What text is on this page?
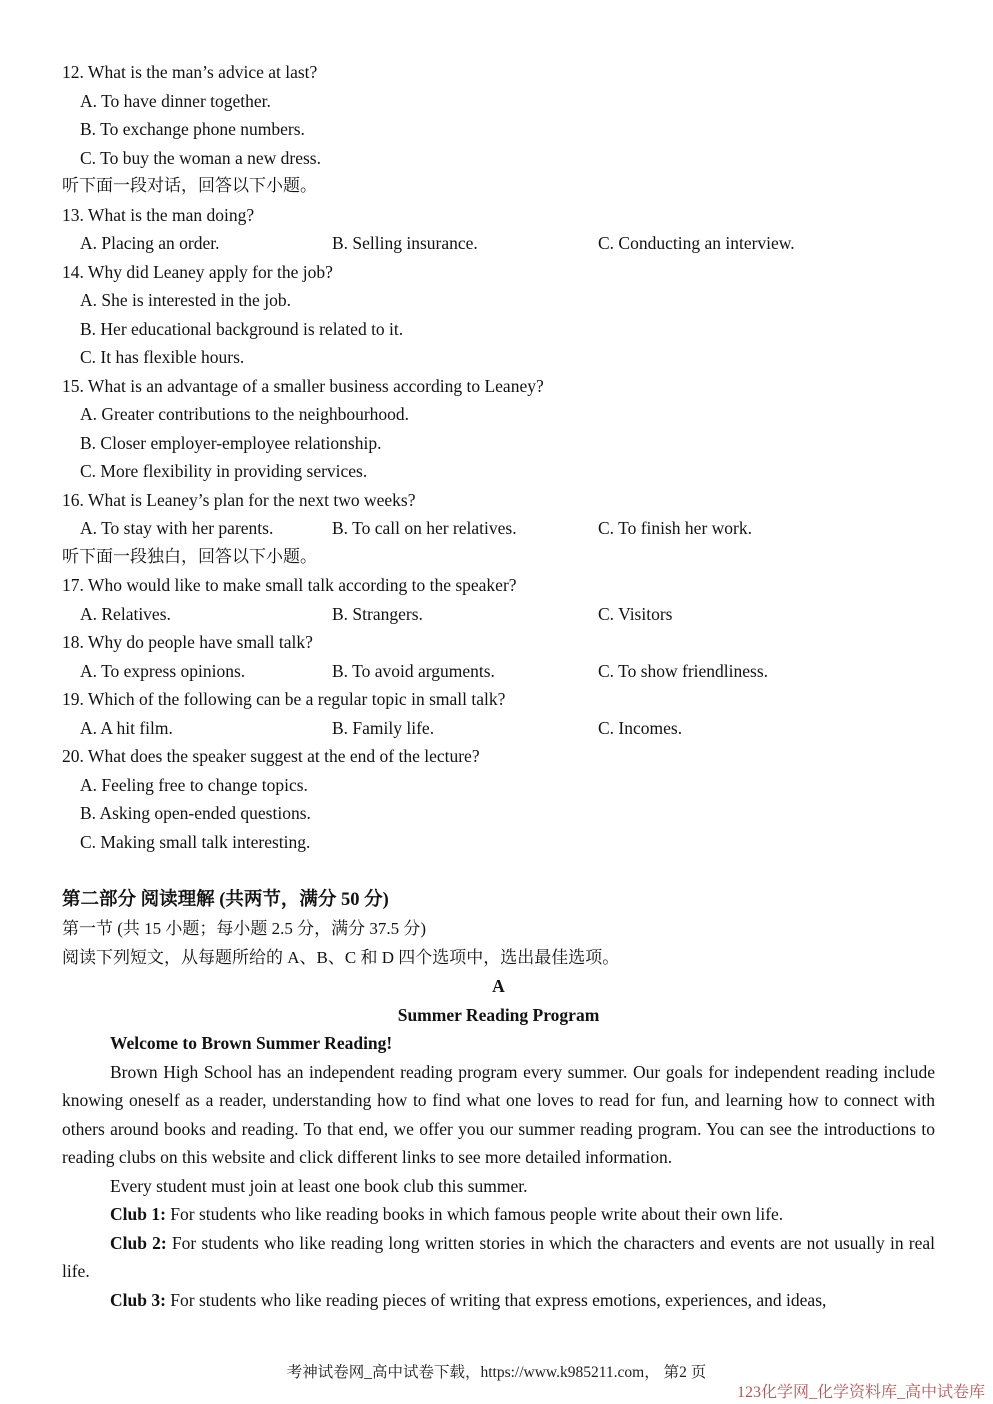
12. What is the man’s advice at last?
A. To have dinner together.
B. To exchange phone numbers.
C. To buy the woman a new dress.
听下面一段对话，回答以下小题。
13. What is the man doing?
A. Placing an order.	B. Selling insurance.	C. Conducting an interview.
14. Why did Leaney apply for the job?
A. She is interested in the job.
B. Her educational background is related to it.
C. It has flexible hours.
15. What is an advantage of a smaller business according to Leaney?
A. Greater contributions to the neighbourhood.
B. Closer employer-employee relationship.
C. More flexibility in providing services.
16. What is Leaney’s plan for the next two weeks?
A. To stay with her parents.	B. To call on her relatives.	C. To finish her work.
听下面一段独白，回答以下小题。
17. Who would like to make small talk according to the speaker?
A. Relatives.	B. Strangers.	C. Visitors
18. Why do people have small talk?
A. To express opinions.	B. To avoid arguments.	C. To show friendliness.
19. Which of the following can be a regular topic in small talk?
A. A hit film.	B. Family life.	C. Incomes.
20. What does the speaker suggest at the end of the lecture?
A. Feeling free to change topics.
B. Asking open-ended questions.
C. Making small talk interesting.
第二部分 阅读理解 (共两节，满分 50 分)
第一节 (共 15 小题；每小题 2.5 分，满分 37.5 分)
阅读下列短文，从每题所给的 A、B、C 和 D 四个选项中，选出最佳选项。
A
Summer Reading Program
Welcome to Brown Summer Reading!
Brown High School has an independent reading program every summer. Our goals for independent reading include knowing oneself as a reader, understanding how to find what one loves to read for fun, and learning how to connect with others around books and reading. To that end, we offer you our summer reading program. You can see the introductions to reading clubs on this website and click different links to see more detailed information.
Every student must join at least one book club this summer.
Club 1: For students who like reading books in which famous people write about their own life.
Club 2: For students who like reading long written stories in which the characters and events are not usually in real life.
Club 3: For students who like reading pieces of writing that express emotions, experiences, and ideas,
考神试卷网_高中试卷下载，https://www.k985211.com， 第2 页
123化学网_化学资料库_高中试卷库
